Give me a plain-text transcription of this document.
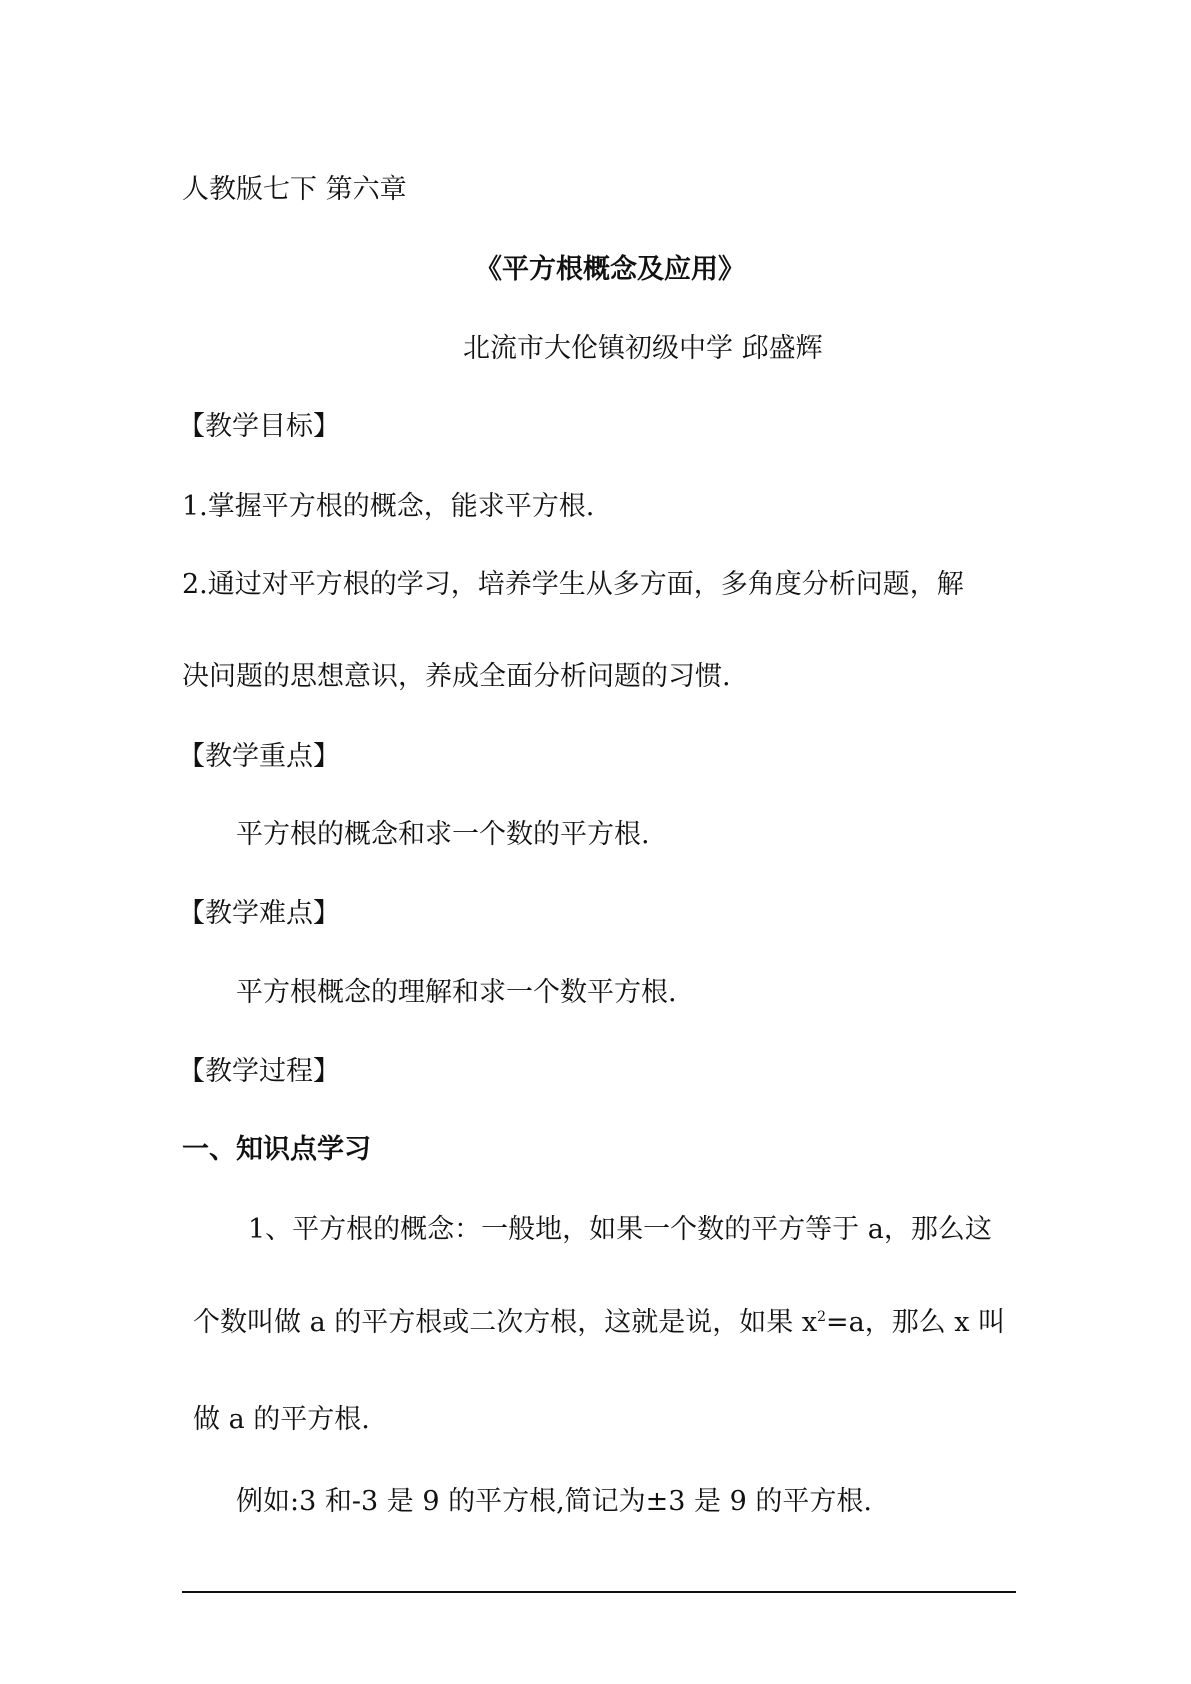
人教版七下 第六章
《平方根概念及应用》
北流市大伦镇初级中学 邱盛辉
【教学目标】
1.掌握平方根的概念，能求平方根.
2.通过对平方根的学习，培养学生从多方面，多角度分析问题，解
决问题的思想意识，养成全面分析问题的习惯.
【教学重点】
平方根的概念和求一个数的平方根.
【教学难点】
平方根概念的理解和求一个数平方根.
【教学过程】
一、知识点学习
1、平方根的概念：一般地，如果一个数的平方等于 a，那么这
个数叫做 a 的平方根或二次方根，这就是说，如果 $x^2=a$，那么 x 叫
做 a 的平方根.
例如:3 和-3 是 9 的平方根,简记为±3 是 9 的平方根.
